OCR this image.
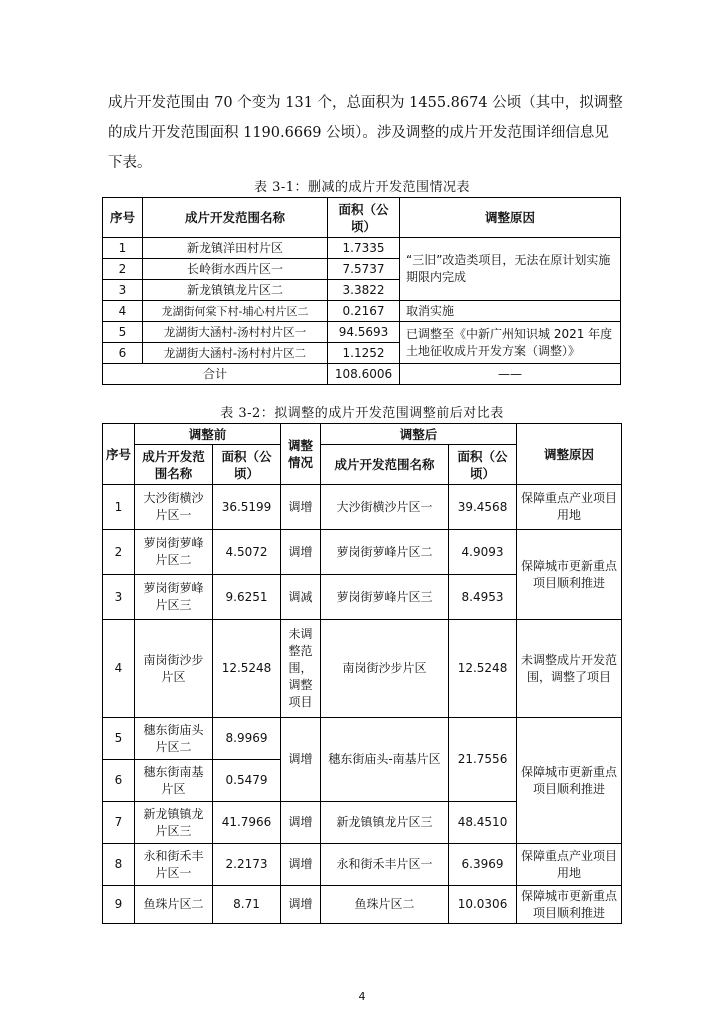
成片开发范围由 70 个变为 131 个，总面积为 1455.8674 公顷（其中，拟调整

的成片开发范围面积 1190.6669 公顷）。涉及调整的成片开发范围详细信息见

下表。

表 3-1：删减的成片开发范围情况表
序号	成片开发范围名称	面积（公顷）	调整原因
1	新龙镇洋田村片区	1.7335	“三旧”改造类项目，无法在原计划实施期限内完成
2	长岭街水西片区一	7.5737	
3	新龙镇镇龙片区二	3.3822	
4	龙湖街何棠下村-埔心村片区二	0.2167	取消实施
5	龙湖街大涵村-汤村村片区一	94.5693	已调整至《中新广州知识城 2021 年度土地征收成片开发方案（调整）》
6	龙湖街大涵村-汤村村片区二	1.1252	
合计		108.6006	——
表 3-2：拟调整的成片开发范围调整前后对比表
序号	调整前		调整情况	调整后		调整原因
	成片开发范围名称	面积（公顷）		成片开发范围名称	面积（公顷）	
1	大沙街横沙片区一	36.5199	调增	大沙街横沙片区一	39.4568	保障重点产业项目用地
2	萝岗街萝峰片区二	4.5072	调增	萝岗街萝峰片区二	4.9093	保障城市更新重点项目顺利推进
3	萝岗街萝峰片区三	9.6251	调减	萝岗街萝峰片区三	8.4953	
4	南岗街沙步片区	12.5248	未调整范围，调整项目	南岗街沙步片区	12.5248	未调整成片开发范围，调整了项目
5	穗东街庙头片区二	8.9969	调增	穗东街庙头-南基片区	21.7556	保障城市更新重点项目顺利推进
6	穗东街南基片区	0.5479				
7	新龙镇镇龙片区三	41.7966	调增	新龙镇镇龙片区三	48.4510	
8	永和街禾丰片区一	2.2173	调增	永和街禾丰片区一	6.3969	保障重点产业项目用地
9	鱼珠片区二	8.71	调增	鱼珠片区二	10.0306	保障城市更新重点项目顺利推进
4
